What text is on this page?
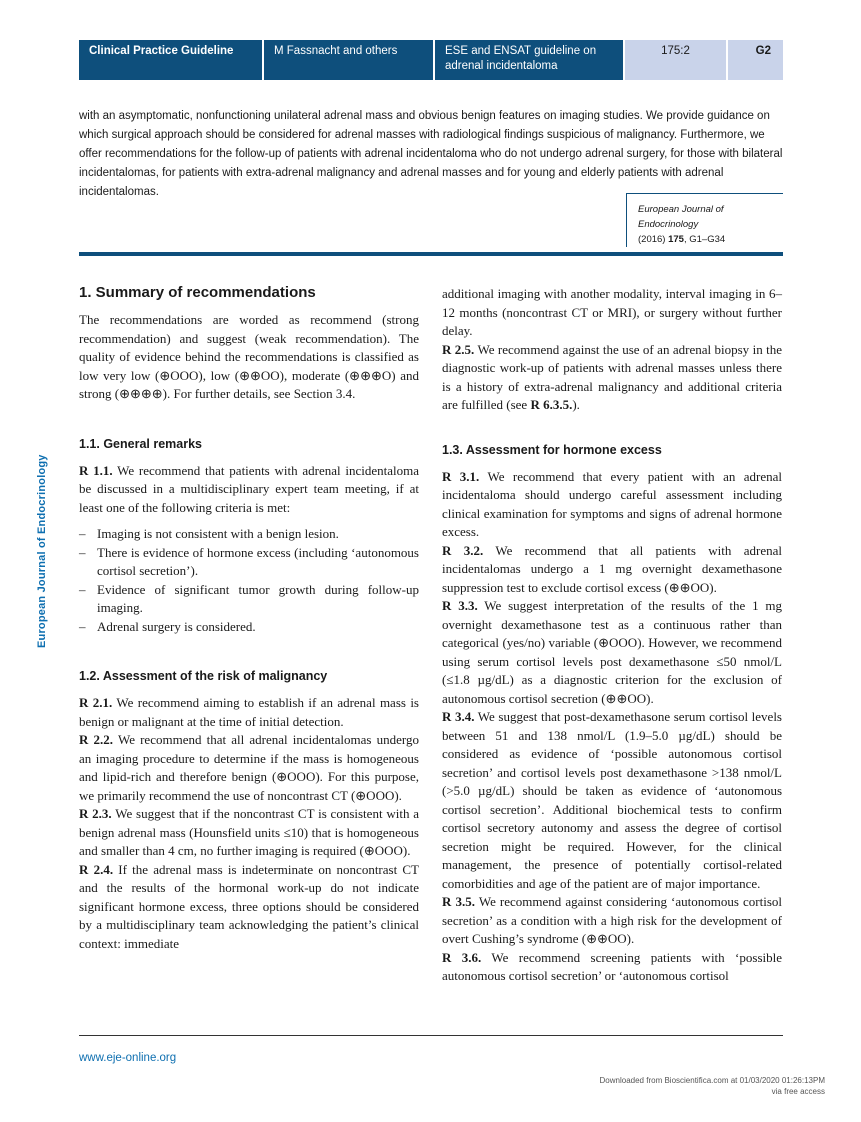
Clinical Practice Guideline	M Fassnacht and others	ESE and ENSAT guideline on adrenal incidentaloma
175:2	G2
with an asymptomatic, nonfunctioning unilateral adrenal mass and obvious benign features on imaging studies. We provide guidance on which surgical approach should be considered for adrenal masses with radiological findings suspicious of malignancy. Furthermore, we offer recommendations for the follow-up of patients with adrenal incidentaloma who do not undergo adrenal surgery, for those with bilateral incidentalomas, for patients with extra-adrenal malignancy and adrenal masses and for young and elderly patients with adrenal incidentalomas.
European Journal of
Endocrinology
(2016) 175, G1–G34
European Journal of Endocrinology
1. Summary of recommendations

The recommendations are worded as recommend (strong recommendation) and suggest (weak recommendation). The quality of evidence behind the recommendations is classified as low very low (⊕OOO), low (⊕⊕OO), moderate (⊕⊕⊕O) and strong (⊕⊕⊕⊕). For further details, see Section 3.4.

1.1. General remarks

R 1.1. We recommend that patients with adrenal incidentaloma be discussed in a multidisciplinary expert team meeting, if at least one of the following criteria is met:

– Imaging is not consistent with a benign lesion.
– There is evidence of hormone excess (including ‘autonomous cortisol secretion’).
– Evidence of significant tumor growth during follow-up imaging.
– Adrenal surgery is considered.
1.2. Assessment of the risk of malignancy

R 2.1. We recommend aiming to establish if an adrenal mass is benign or malignant at the time of initial detection.

R 2.2. We recommend that all adrenal incidentalomas undergo an imaging procedure to determine if the mass is homogeneous and lipid-rich and therefore benign (⊕OOO). For this purpose, we primarily recommend the use of noncontrast CT (⊕OOO).

R 2.3. We suggest that if the noncontrast CT is consistent with a benign adrenal mass (Hounsfield units ≤10) that is homogeneous and smaller than 4 cm, no further imaging is required (⊕OOO).

R 2.4. If the adrenal mass is indeterminate on noncontrast CT and the results of the hormonal work-up do not indicate significant hormone excess, three options should be considered by a multidisciplinary team acknowledging the patient’s clinical context: immediate

additional imaging with another modality, interval imaging in 6–12 months (noncontrast CT or MRI), or surgery without further delay.

R 2.5. We recommend against the use of an adrenal biopsy in the diagnostic work-up of patients with adrenal masses unless there is a history of extra-adrenal malignancy and additional criteria are fulfilled (see R 6.3.5.).

1.3. Assessment for hormone excess

R 3.1. We recommend that every patient with an adrenal incidentaloma should undergo careful assessment including clinical examination for symptoms and signs of adrenal hormone excess.

R 3.2. We recommend that all patients with adrenal incidentalomas undergo a 1 mg overnight dexamethasone suppression test to exclude cortisol excess (⊕⊕OO).

R 3.3. We suggest interpretation of the results of the 1 mg overnight dexamethasone test as a continuous rather than categorical (yes/no) variable (⊕OOO). However, we recommend using serum cortisol levels post dexamethasone ≤50 nmol/L (≤1.8 µg/dL) as a diagnostic criterion for the exclusion of autonomous cortisol secretion (⊕⊕OO).

R 3.4. We suggest that post-dexamethasone serum cortisol levels between 51 and 138 nmol/L (1.9–5.0 µg/dL) should be considered as evidence of ‘possible autonomous cortisol secretion’ and cortisol levels post dexamethasone >138 nmol/L (>5.0 µg/dL) should be taken as evidence of ‘autonomous cortisol secretion’. Additional biochemical tests to confirm cortisol secretory autonomy and assess the degree of cortisol secretion might be required. However, for the clinical management, the presence of potentially cortisol-related comorbidities and age of the patient are of major importance.

R 3.5. We recommend against considering ‘autonomous cortisol secretion’ as a condition with a high risk for the development of overt Cushing’s syndrome (⊕⊕OO).

R 3.6. We recommend screening patients with ‘possible autonomous cortisol secretion’ or ‘autonomous cortisol

www.eje-online.org
Downloaded from Bioscientifica.com at 01/03/2020 01:26:13PM
via free access
